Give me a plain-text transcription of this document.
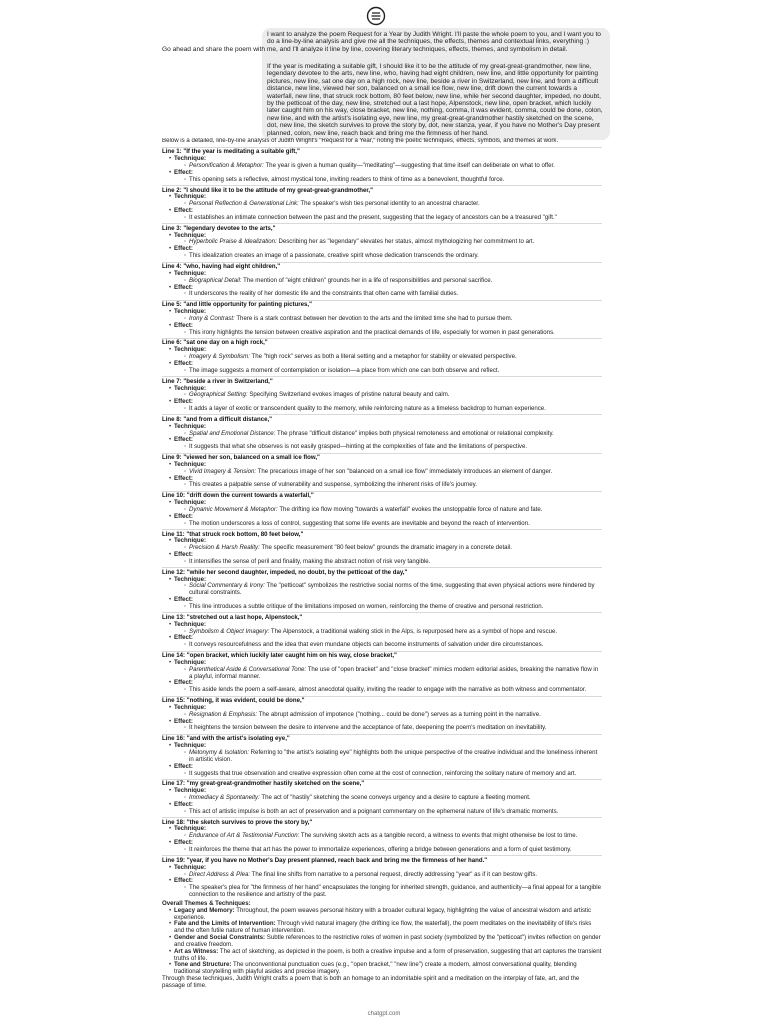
I want to analyze the poem Request for a Year by Judith Wright. I'll paste the whole poem to you, and I want you to do a line-by-line analysis and give me all the techniques, the effects, themes and contextual links, everything :)
Go ahead and share the poem with me, and I'll analyze it line by line, covering literary techniques, effects, themes, and symbolism in detail.
If the year is meditating a suitable gift, I should like it to be the attitude of my great-great-grandmother, new line, legendary devotee to the arts, new line, who, having had eight children, new line, and little opportunity for painting pictures, new line, sat one day on a high rock, new line, beside a river in Switzerland, new line, and from a difficult distance, new line, viewed her son, balanced on a small ice flow, new line, drift down the current towards a waterfall, new line, that struck rock bottom, 80 feet below, new line, while her second daughter, impeded, no doubt, by the petticoat of the day, new line, stretched out a last hope, Alpenstock, new line, open bracket, which luckily later caught him on his way, close bracket, new line, nothing, comma, it was evident, comma, could be done, colon, new line, and with the artist's isolating eye, new line, my great-great-grandmother hastily sketched on the scene, dot, new line, the sketch survives to prove the story by, dot, new stanza, year, if you have no Mother's Day present planned, colon, new line, reach back and bring me the firmness of her hand.

Below is a detailed, line-by-line analysis of Judith Wright's "Request for a Year," noting the poetic techniques, effects, symbols, and themes at work.

Line 1: "If the year is meditating a suitable gift,"
• Technique:
◦ Personification & Metaphor: The year is given a human quality—"meditating"—suggesting that time itself can deliberate on what to offer.
• Effect:
◦ This opening sets a reflective, almost mystical tone, inviting readers to think of time as a benevolent, thoughtful force.
Line 2: "I should like it to be the attitude of my great-great-grandmother,"
• Technique:
◦ Personal Reflection & Generational Link: The speaker's wish ties personal identity to an ancestral character.
• Effect:
◦ It establishes an intimate connection between the past and the present, suggesting that the legacy of ancestors can be a treasured "gift."
Line 3: "legendary devotee to the arts,"
• Technique:
◦ Hyperbolic Praise & Idealization: Describing her as "legendary" elevates her status, almost mythologizing her commitment to art.
• Effect:
◦ This idealization creates an image of a passionate, creative spirit whose dedication transcends the ordinary.
Line 4: "who, having had eight children,"
• Technique:
◦ Biographical Detail: The mention of "eight children" grounds her in a life of responsibilities and personal sacrifice.
• Effect:
◦ It underscores the reality of her domestic life and the constraints that often came with familial duties.
Line 5: "and little opportunity for painting pictures,"
• Technique:
◦ Irony & Contrast: There is a stark contrast between her devotion to the arts and the limited time she had to pursue them.
• Effect:
◦ This irony highlights the tension between creative aspiration and the practical demands of life, especially for women in past generations.
Line 6: "sat one day on a high rock,"
• Technique:
◦ Imagery & Symbolism: The "high rock" serves as both a literal setting and a metaphor for stability or elevated perspective.
• Effect:
◦ The image suggests a moment of contemplation or isolation—a place from which one can both observe and reflect.
Line 7: "beside a river in Switzerland,"
• Technique:
◦ Geographical Setting: Specifying Switzerland evokes images of pristine natural beauty and calm.
• Effect:
◦ It adds a layer of exotic or transcendent quality to the memory, while reinforcing nature as a timeless backdrop to human experience.
Line 8: "and from a difficult distance,"
• Technique:
◦ Spatial and Emotional Distance: The phrase "difficult distance" implies both physical remoteness and emotional or relational complexity.
• Effect:
◦ It suggests that what she observes is not easily grasped—hinting at the complexities of fate and the limitations of perspective.
Line 9: "viewed her son, balanced on a small ice flow,"
• Technique:
◦ Vivid Imagery & Tension: The precarious image of her son "balanced on a small ice flow" immediately introduces an element of danger.
• Effect:
◦ This creates a palpable sense of vulnerability and suspense, symbolizing the inherent risks of life's journey.
Line 10: "drift down the current towards a waterfall,"
• Technique:
◦ Dynamic Movement & Metaphor: The drifting ice flow moving "towards a waterfall" evokes the unstoppable force of nature and fate.
• Effect:
◦ The motion underscores a loss of control, suggesting that some life events are inevitable and beyond the reach of intervention.
Line 11: "that struck rock bottom, 80 feet below,"
• Technique:
◦ Precision & Harsh Reality: The specific measurement "80 feet below" grounds the dramatic imagery in a concrete detail.
• Effect:
◦ It intensifies the sense of peril and finality, making the abstract notion of risk very tangible.
Line 12: "while her second daughter, impeded, no doubt, by the petticoat of the day,"
• Technique:
◦ Social Commentary & Irony: The "petticoat" symbolizes the restrictive social norms of the time, suggesting that even physical actions were hindered by cultural constraints.
• Effect:
◦ This line introduces a subtle critique of the limitations imposed on women, reinforcing the theme of creative and personal restriction.
Line 13: "stretched out a last hope, Alpenstock,"
• Technique:
◦ Symbolism & Object Imagery: The Alpenstock, a traditional walking stick in the Alps, is repurposed here as a symbol of hope and rescue.
• Effect:
◦ It conveys resourcefulness and the idea that even mundane objects can become instruments of salvation under dire circumstances.
Line 14: "open bracket, which luckily later caught him on his way, close bracket,"
• Technique:
◦ Parenthetical Aside & Conversational Tone: The use of "open bracket" and "close bracket" mimics modern editorial asides, breaking the narrative flow in a playful, informal manner.
• Effect:
◦ This aside lends the poem a self-aware, almost anecdotal quality, inviting the reader to engage with the narrative as both witness and commentator.
Line 15: "nothing, it was evident, could be done,"
• Technique:
◦ Resignation & Emphasis: The abrupt admission of impotence ("nothing... could be done") serves as a turning point in the narrative.
• Effect:
◦ It heightens the tension between the desire to intervene and the acceptance of fate, deepening the poem's meditation on inevitability.
Line 16: "and with the artist's isolating eye,"
• Technique:
◦ Metonymy & Isolation: Referring to "the artist's isolating eye" highlights both the unique perspective of the creative individual and the loneliness inherent in artistic vision.
• Effect:
◦ It suggests that true observation and creative expression often come at the cost of connection, reinforcing the solitary nature of memory and art.
Line 17: "my great-great-grandmother hastily sketched on the scene,"
• Technique:
◦ Immediacy & Spontaneity: The act of "hastily" sketching the scene conveys urgency and a desire to capture a fleeting moment.
• Effect:
◦ This act of artistic impulse is both an act of preservation and a poignant commentary on the ephemeral nature of life's dramatic moments.
Line 18: "the sketch survives to prove the story by,"
• Technique:
◦ Endurance of Art & Testimonial Function: The surviving sketch acts as a tangible record, a witness to events that might otherwise be lost to time.
• Effect:
◦ It reinforces the theme that art has the power to immortalize experiences, offering a bridge between generations and a form of quiet testimony.
Line 19: "year, if you have no Mother's Day present planned, reach back and bring me the firmness of her hand."
• Technique:
◦ Direct Address & Plea: The final line shifts from narrative to a personal request, directly addressing "year" as if it can bestow gifts.
• Effect:
◦ The speaker's plea for "the firmness of her hand" encapsulates the longing for inherited strength, guidance, and authenticity—a final appeal for a tangible connection to the resilience and artistry of the past.
Overall Themes & Techniques:
• Legacy and Memory: Throughout, the poem weaves personal history with a broader cultural legacy, highlighting the value of ancestral wisdom and artistic experience.
• Fate and the Limits of Intervention: Through vivid natural imagery (the drifting ice flow, the waterfall), the poem meditates on the inevitability of life's risks and the often futile nature of human intervention.
• Gender and Social Constraints: Subtle references to the restrictive roles of women in past society (symbolized by the "petticoat") invites reflection on gender and creative freedom.
• Art as Witness: The act of sketching, as depicted in the poem, is both a creative impulse and a form of preservation, suggesting that art captures the transient truths of life.
• Tone and Structure: The unconventional punctuation cues (e.g., "open bracket," "new line") create a modern, almost conversational quality, blending traditional storytelling with playful asides and precise imagery.

Through these techniques, Judith Wright crafts a poem that is both an homage to an indomitable spirit and a meditation on the interplay of fate, art, and the passage of time.

chatgpt.com
